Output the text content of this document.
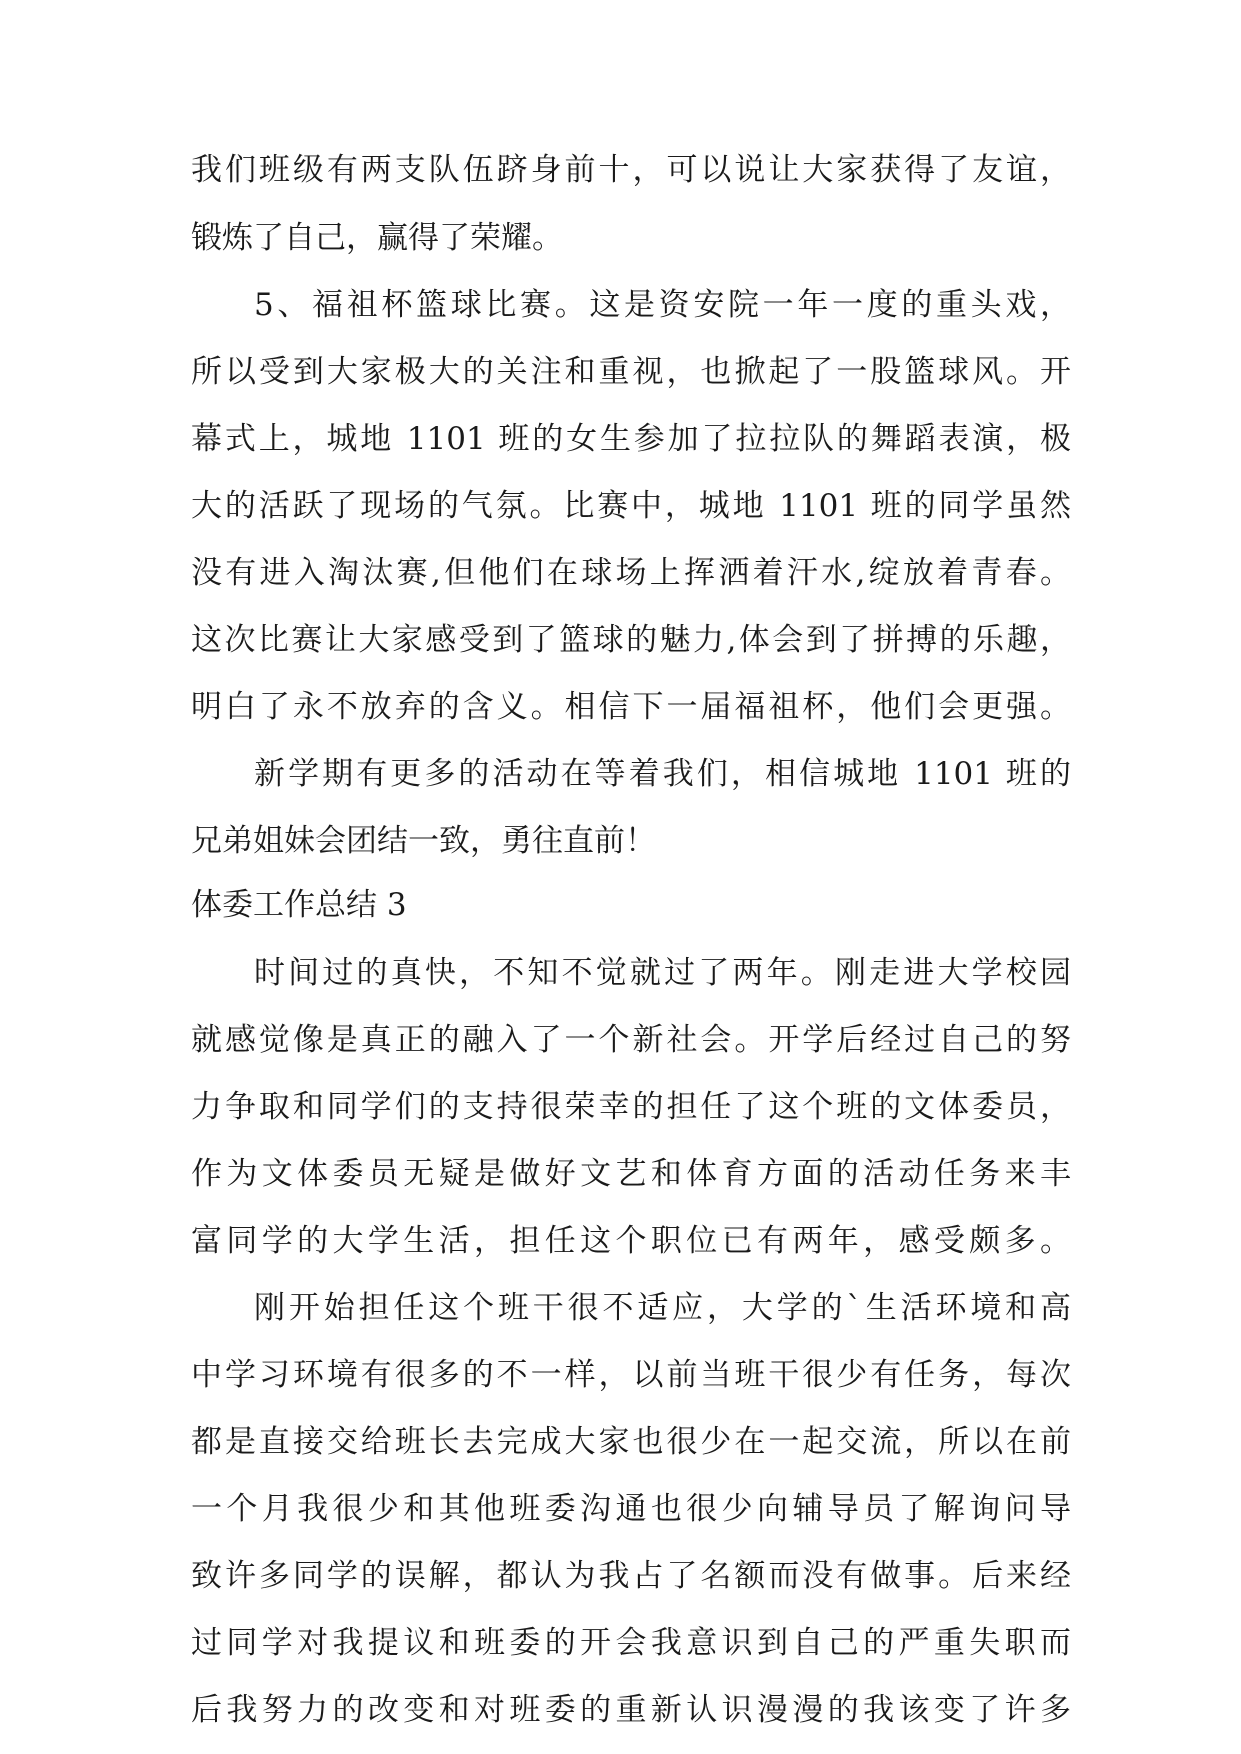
我们班级有两支队伍跻身前十，可以说让大家获得了友谊，
锻炼了自己，赢得了荣耀。
5、福祖杯篮球比赛。这是资安院一年一度的重头戏，
所以受到大家极大的关注和重视，也掀起了一股篮球风。开
幕式上，城地 1101 班的女生参加了拉拉队的舞蹈表演，极
大的活跃了现场的气氛。比赛中，城地 1101 班的同学虽然
没有进入淘汰赛,但他们在球场上挥洒着汗水,绽放着青春。
这次比赛让大家感受到了篮球的魅力,体会到了拼搏的乐趣，
明白了永不放弃的含义。相信下一届福祖杯，他们会更强。
新学期有更多的活动在等着我们，相信城地 1101 班的
兄弟姐妹会团结一致，勇往直前！
体委工作总结 3
时间过的真快，不知不觉就过了两年。刚走进大学校园
就感觉像是真正的融入了一个新社会。开学后经过自己的努
力争取和同学们的支持很荣幸的担任了这个班的文体委员，
作为文体委员无疑是做好文艺和体育方面的活动任务来丰
富同学的大学生活，担任这个职位已有两年，感受颇多。
刚开始担任这个班干很不适应，大学的`生活环境和高
中学习环境有很多的不一样，以前当班干很少有任务，每次
都是直接交给班长去完成大家也很少在一起交流，所以在前
一个月我很少和其他班委沟通也很少向辅导员了解询问导
致许多同学的误解，都认为我占了名额而没有做事。后来经
过同学对我提议和班委的开会我意识到自己的严重失职而
后我努力的改变和对班委的重新认识漫漫的我该变了许多
